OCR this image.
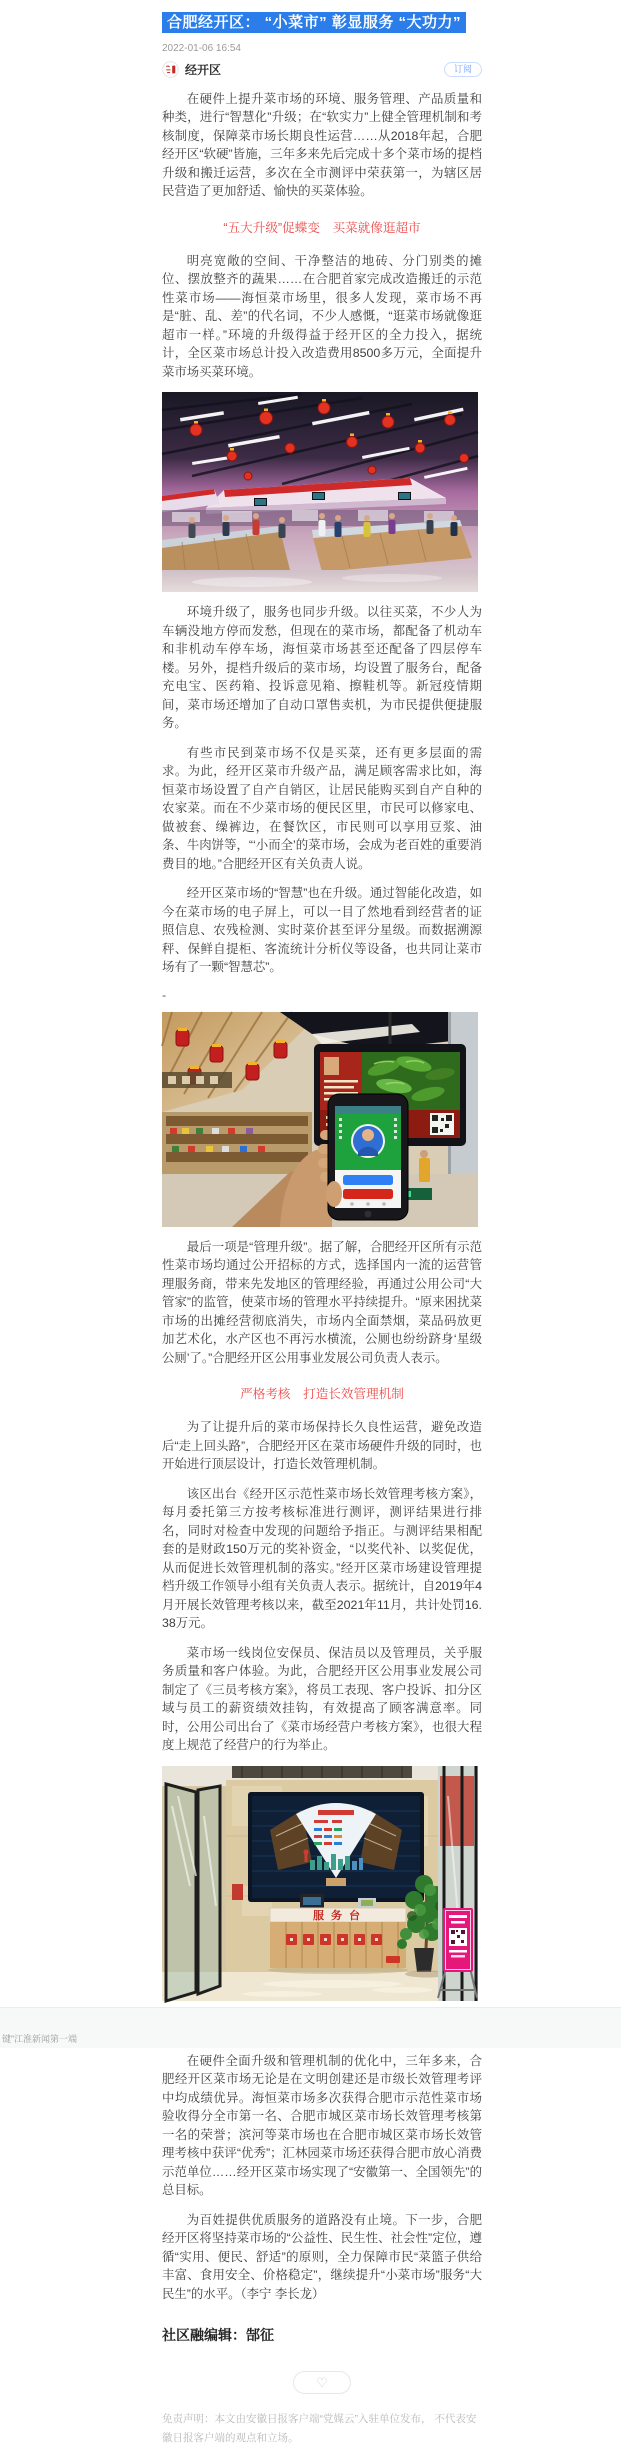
合肥经开区： “小菜市” 彰显服务 “大功力”
2022-01-06 16:54
经开区	订阅

在硬件上提升菜市场的环境、服务管理、产品质量和种类，进行“智慧化”升级；在“软实力”上健全管理机制和考核制度，保障菜市场长期良性运营……从2018年起，合肥经开区“软硬”皆施，三年多来先后完成十多个菜市场的提档升级和搬迁运营，多次在全市测评中荣获第一，为辖区居民营造了更加舒适、愉快的买菜体验。

“五大升级”促蝶变　买菜就像逛超市

明亮宽敞的空间、干净整洁的地砖、分门别类的摊位、摆放整齐的蔬果……在合肥首家完成改造搬迁的示范性菜市场——海恒菜市场里，很多人发现，菜市场不再是“脏、乱、差”的代名词，不少人感慨，“逛菜市场就像逛超市一样。”环境的升级得益于经开区的全力投入，据统计，全区菜市场总计投入改造费用8500多万元，全面提升菜市场买菜环境。

环境升级了，服务也同步升级。以往买菜，不少人为车辆没地方停而发愁，但现在的菜市场，都配备了机动车和非机动车停车场，海恒菜市场甚至还配备了四层停车楼。另外，提档升级后的菜市场，均设置了服务台，配备充电宝、医药箱、投诉意见箱、擦鞋机等。新冠疫情期间，菜市场还增加了自动口罩售卖机，为市民提供便捷服务。

有些市民到菜市场不仅是买菜，还有更多层面的需求。为此，经开区菜市升级产品，满足顾客需求比如，海恒菜市场设置了自产自销区，让居民能购买到自产自种的农家菜。而在不少菜市场的便民区里，市民可以修家电、做被套、缲裤边，在餐饮区，市民则可以享用豆浆、油条、牛肉饼等，“‘小而全’的菜市场，会成为老百姓的重要消费目的地。”合肥经开区有关负责人说。

经开区菜市场的“智慧”也在升级。通过智能化改造，如今在菜市场的电子屏上，可以一目了然地看到经营者的证照信息、农残检测、实时菜价甚至评分星级。而数据溯源秤、保鲜自提柜、客流统计分析仪等设备，也共同让菜市场有了一颗“智慧芯”。

-

最后一项是“管理升级”。据了解，合肥经开区所有示范性菜市场均通过公开招标的方式，选择国内一流的运营管理服务商，带来先发地区的管理经验，再通过公用公司“大管家”的监管，使菜市场的管理水平持续提升。“原来困扰菜市场的出摊经营彻底消失，市场内全面禁烟，菜品码放更加艺术化，水产区也不再污水横流，公厕也纷纷跻身‘星级公厕’了。”合肥经开区公用事业发展公司负责人表示。

严格考核　打造长效管理机制

为了让提升后的菜市场保持长久良性运营，避免改造后“走上回头路”，合肥经开区在菜市场硬件升级的同时，也开始进行顶层设计，打造长效管理机制。

该区出台《经开区示范性菜市场长效管理考核方案》，每月委托第三方按考核标准进行测评，测评结果进行排名，同时对检查中发现的问题给予指正。与测评结果相配套的是财政150万元的奖补资金，“以奖代补、以奖促优，从而促进长效管理机制的落实。”经开区菜市场建设管理提档升级工作领导小组有关负责人表示。据统计，自2019年4月开展长效管理考核以来，截至2021年11月，共计处罚16.38万元。

菜市场一线岗位安保员、保洁员以及管理员，关乎服务质量和客户体验。为此，合肥经开区公用事业发展公司制定了《三员考核方案》，将员工表现、客户投诉、扣分区域与员工的薪资绩效挂钩，有效提高了顾客满意率。同时，公用公司出台了《菜市场经营户考核方案》，也很大程度上规范了经营户的行为举止。

服务台

在硬件全面升级和管理机制的优化中，三年多来，合肥经开区菜市场无论是在文明创建还是市级长效管理考评中均成绩优异。海恒菜市场多次获得合肥市示范性菜市场验收得分全市第一名、合肥市城区菜市场长效管理考核第一名的荣誉；滨河等菜市场也在合肥市城区菜市场长效管理考核中获评“优秀”；汇林园菜市场还获得合肥市放心消费示范单位……经开区菜市场实现了“安徽第一、全国领先”的总目标。

为百姓提供优质服务的道路没有止境。下一步，合肥经开区将坚持菜市场的“公益性、民生性、社会性”定位，遵循“实用、便民、舒适”的原则，全力保障市民“菜篮子供给丰富、食用安全、价格稳定”，继续提升“小菜市场”服务“大民生”的水平。（李宁 李长龙）

社区融编辑：郜征
♡
免责声明：本文由安徽日报客户端“党媒云”入驻单位发布， 不代表安徽日报客户端的观点和立场。
键”江淮新闻第一端
